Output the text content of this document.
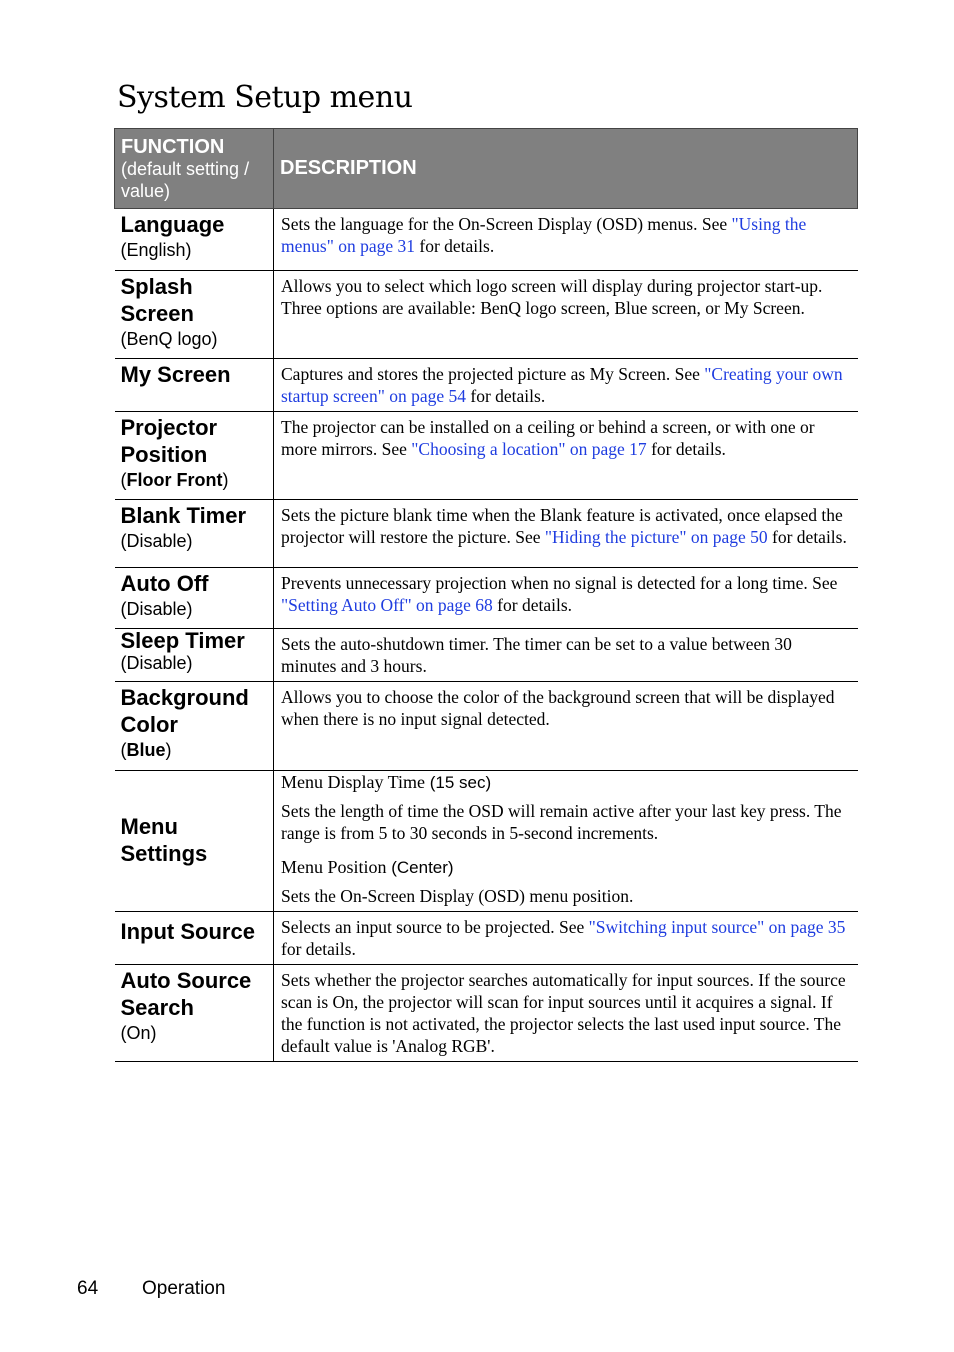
System Setup menu
FUNCTION
(default setting / value)	DESCRIPTION

Language
(English)	Sets the language for the On-Screen Display (OSD) menus. See "Using the menus" on page 31 for details.

Splash Screen
(BenQ logo)	Allows you to select which logo screen will display during projector start-up. Three options are available: BenQ logo screen, Blue screen, or My Screen.

My Screen	Captures and stores the projected picture as My Screen. See "Creating your own startup screen" on page 54 for details.

Projector Position
(Floor Front)	The projector can be installed on a ceiling or behind a screen, or with one or more mirrors. See "Choosing a location" on page 17 for details.

Blank Timer
(Disable)	Sets the picture blank time when the Blank feature is activated, once elapsed the projector will restore the picture. See "Hiding the picture" on page 50 for details.

Auto Off
(Disable)	Prevents unnecessary projection when no signal is detected for a long time. See "Setting Auto Off" on page 68 for details.

Sleep Timer
(Disable)	Sets the auto-shutdown timer. The timer can be set to a value between 30 minutes and 3 hours.

Background Color
(Blue)	Allows you to choose the color of the background screen that will be displayed when there is no input signal detected.

Menu Settings	Menu Display Time (15 sec)

Sets the length of time the OSD will remain active after your last key press. The range is from 5 to 30 seconds in 5-second increments.

Menu Position (Center)

Sets the On-Screen Display (OSD) menu position.

Input Source	Selects an input source to be projected. See "Switching input source" on page 35 for details.

Auto Source Search
(On)	Sets whether the projector searches automatically for input sources. If the source scan is On, the projector will scan for input sources until it acquires a signal. If the function is not activated, the projector selects the last used input source. The default value is 'Analog RGB'.
64 Operation
